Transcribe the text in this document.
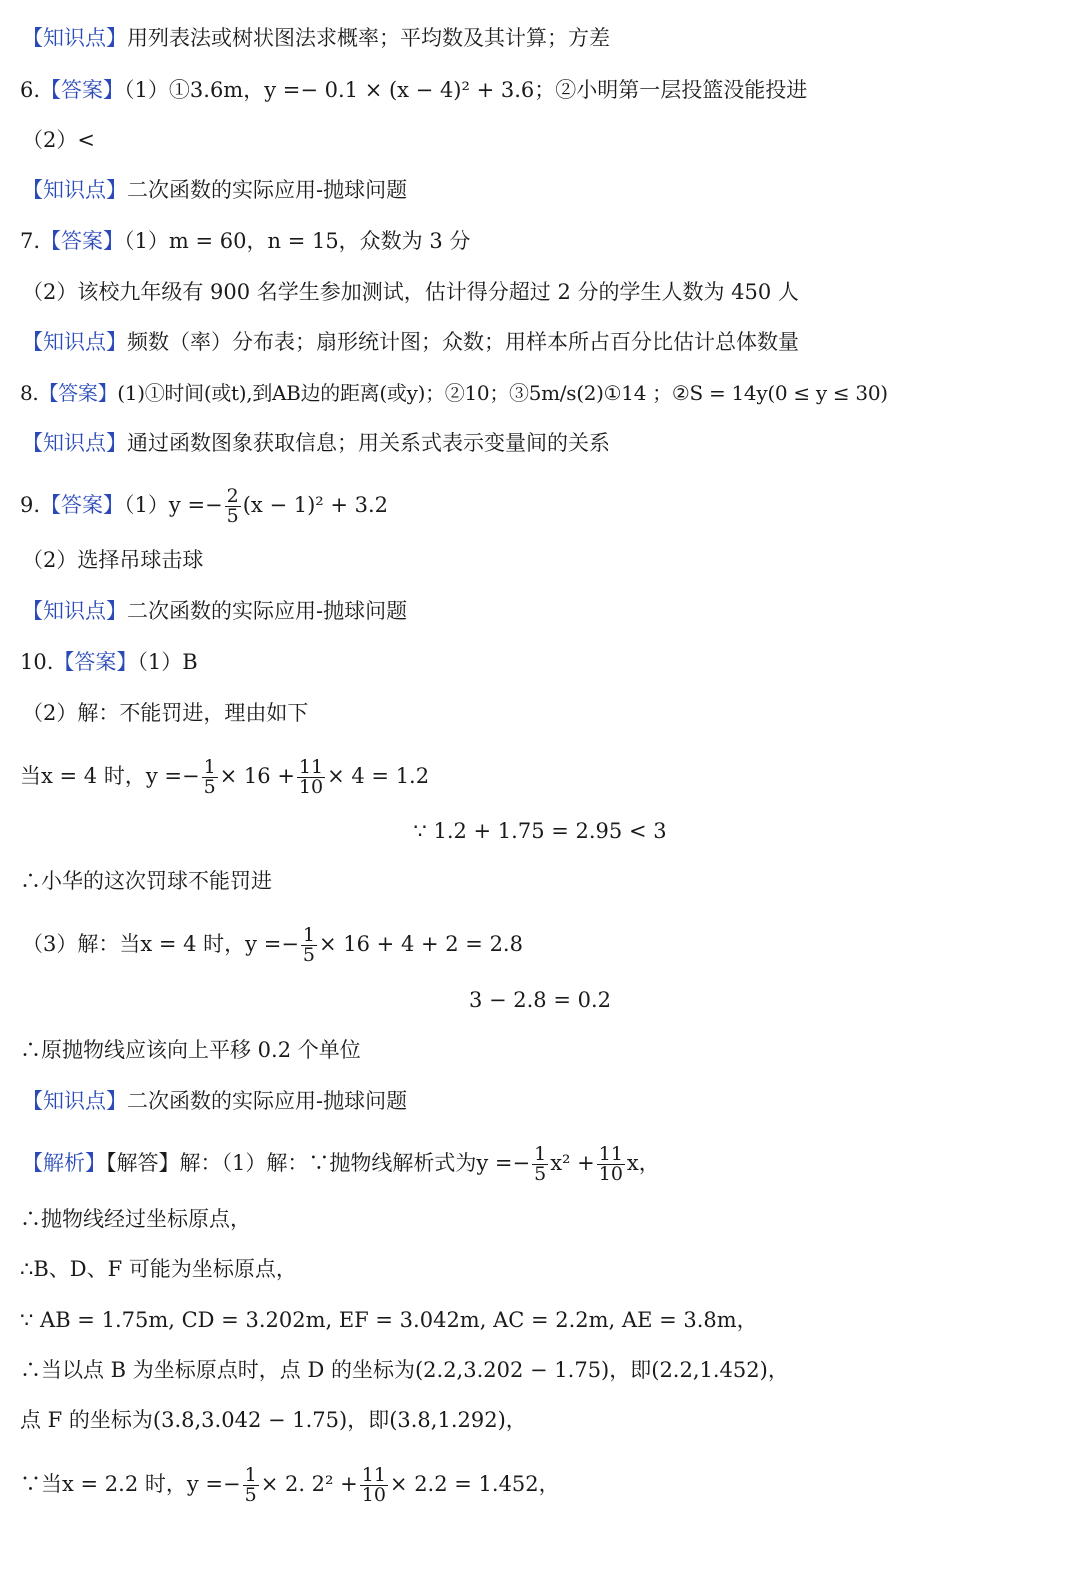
【知识点】用列表法或树状图法求概率；平均数及其计算；方差
6.【答案】（1）①3.6m，y =− 0.1 × (x − 4)² + 3.6；②小明第一层投篮没能投进
（2）<
【知识点】二次函数的实际应用-抛球问题
7.【答案】（1）m = 60，n = 15，众数为 3 分
（2）该校九年级有 900 名学生参加测试，估计得分超过 2 分的学生人数为 450 人
【知识点】频数（率）分布表；扇形统计图；众数；用样本所占百分比估计总体数量
8.【答案】(1)①时间(或t),到AB边的距离(或y)；②10；③5m/s(2)①14 ；②S = 14y(0 ≤ y ≤ 30)
【知识点】通过函数图象获取信息；用关系式表示变量间的关系
9.【答案】$(1)y =- \frac{2}{5} (x - 1)^2 + 3.2$
（2）选择吊球击球
【知识点】二次函数的实际应用-抛球问题
10.【答案】（1）B
（2）解：不能罚进，理由如下
当x = 4 时，$y =- \frac{1}{5} \times 16 + \frac{11}{10} \times 4 = 1.2$
∵ 1.2 + 1.75 = 2.95 < 3
∴小华的这次罚球不能罚进
（3）解：当x = 4 时，$y =- \frac{1}{5} \times 16 + 4 + 2 = 2.8$
3 − 2.8 = 0.2
∴原抛物线应该向上平移 0.2 个单位
【知识点】二次函数的实际应用-抛球问题
【解析】【解答】解：（1）解：∵抛物线解析式为$y =- \frac{1}{5} x^2 + \frac{11}{10}$ x，
∴抛物线经过坐标原点，
∴B、D、F 可能为坐标原点，
∵ AB = 1.75m, CD = 3.202m, EF = 3.042m, AC = 2.2m, AE = 3.8m，
∴当以点 B 为坐标原点时，点 D 的坐标为(2.2,3.202 − 1.75)，即(2.2,1.452)，
点 F 的坐标为(3.8,3.042 − 1.75)，即(3.8,1.292)，
∵当x = 2.2 时，$y =- \frac{1}{5} \times 2$. $2^2 + \frac{11}{10} \times 2.2 = 1.452$，
